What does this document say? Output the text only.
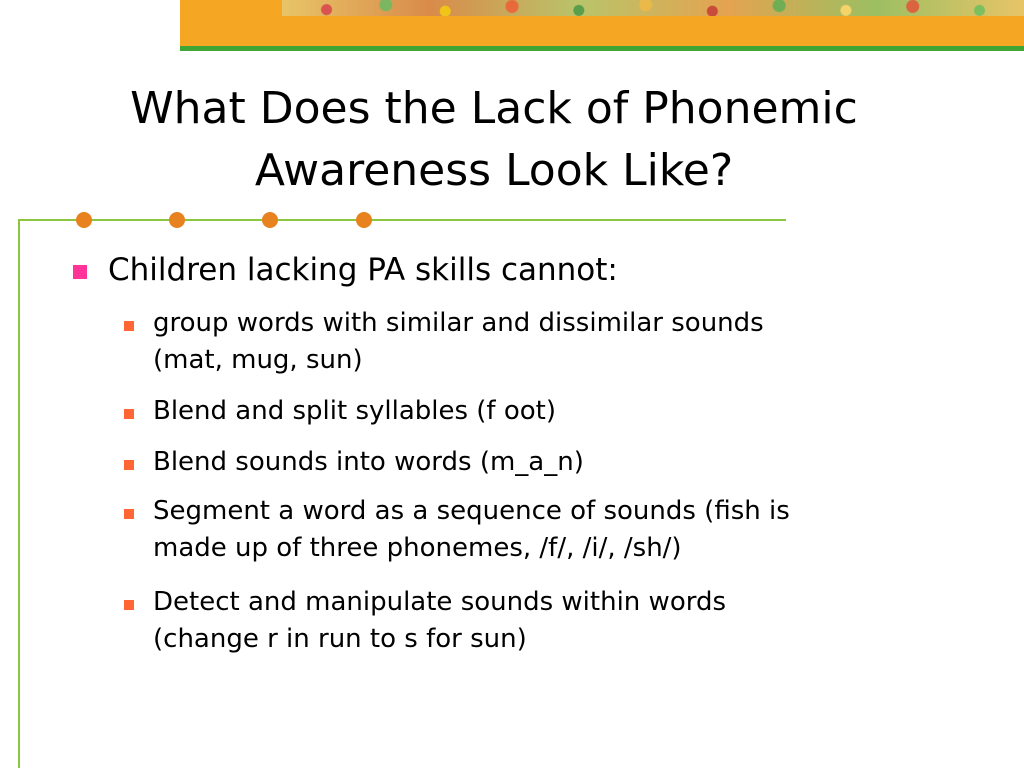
What Does the Lack of Phonemic
Awareness Look Like?
Children lacking PA skills cannot:
group words with similar and dissimilar sounds
(mat, mug, sun)
Blend and split syllables (f oot)
Blend sounds into words (m_a_n)
Segment a word as a sequence of sounds (fish is
made up of three phonemes, /f/, /i/, /sh/)
Detect and manipulate sounds within words
(change r in run to s for sun)
